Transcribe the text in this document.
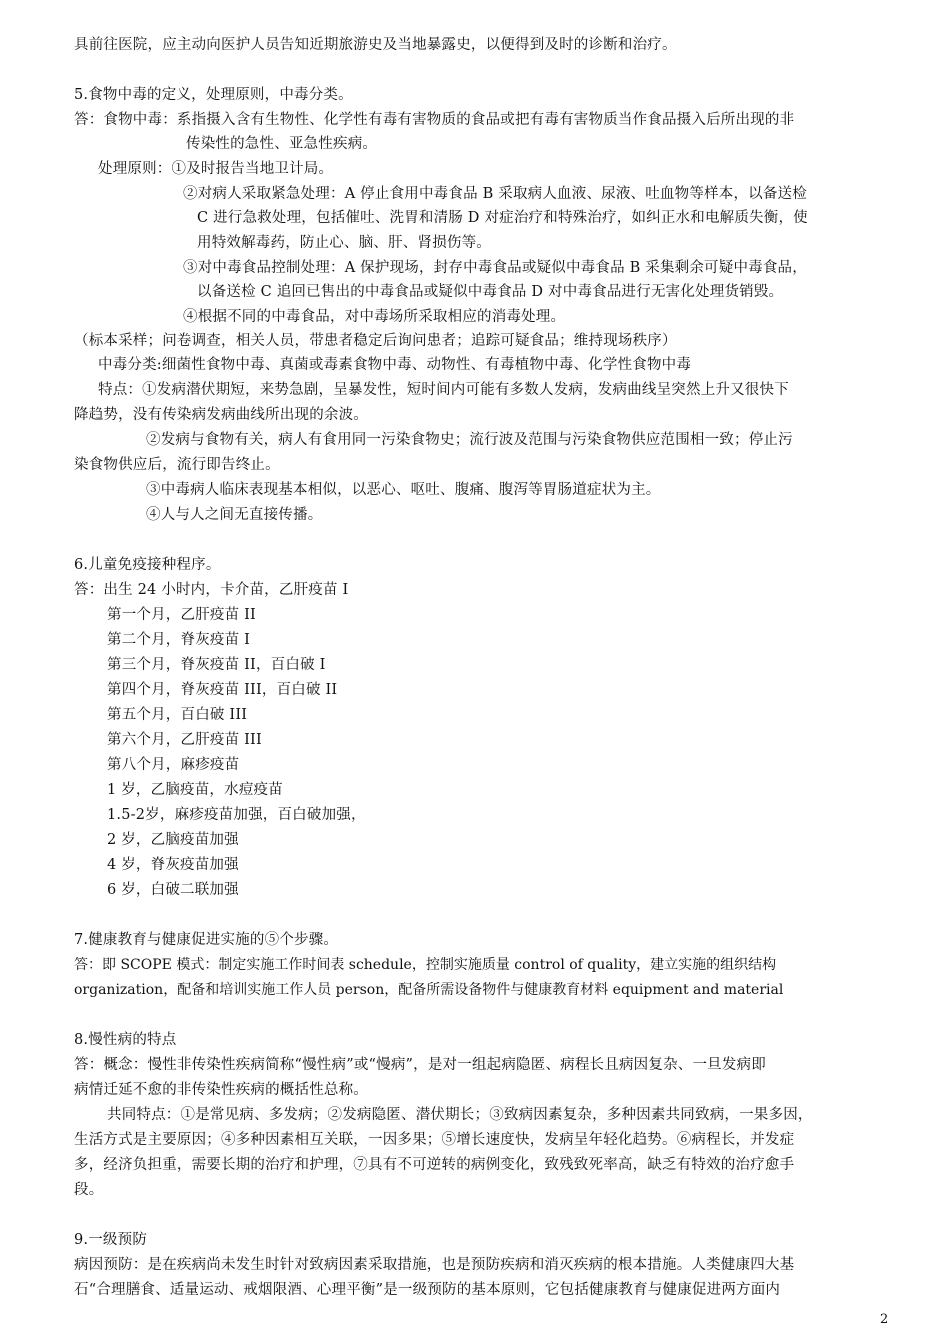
具前往医院，应主动向医护人员告知近期旅游史及当地暴露史，以便得到及时的诊断和治疗。
5.食物中毒的定义，处理原则，中毒分类。
答：食物中毒：系指摄入含有生物性、化学性有毒有害物质的食品或把有毒有害物质当作食品摄入后所出现的非
传染性的急性、亚急性疾病。
处理原则：①及时报告当地卫计局。
②对病人采取紧急处理：A 停止食用中毒食品 B 采取病人血液、尿液、吐血物等样本，以备送检
C 进行急救处理，包括催吐、洗胃和清肠 D 对症治疗和特殊治疗，如纠正水和电解质失衡，使
用特效解毒药，防止心、脑、肝、肾损伤等。
③对中毒食品控制处理：A 保护现场，封存中毒食品或疑似中毒食品 B 采集剩余可疑中毒食品，
以备送检 C 追回已售出的中毒食品或疑似中毒食品 D 对中毒食品进行无害化处理货销毁。
④根据不同的中毒食品，对中毒场所采取相应的消毒处理。
（标本采样；问卷调查，相关人员，带患者稳定后询问患者；追踪可疑食品；维持现场秩序）
中毒分类:细菌性食物中毒、真菌或毒素食物中毒、动物性、有毒植物中毒、化学性食物中毒
特点：①发病潜伏期短，来势急剧，呈暴发性，短时间内可能有多数人发病，发病曲线呈突然上升又很快下
降趋势，没有传染病发病曲线所出现的余波。
②发病与食物有关，病人有食用同一污染食物史；流行波及范围与污染食物供应范围相一致；停止污
染食物供应后，流行即告终止。
③中毒病人临床表现基本相似，以恶心、呕吐、腹痛、腹泻等胃肠道症状为主。
④人与人之间无直接传播。
6.儿童免疫接种程序。
答：出生 24 小时内，卡介苗，乙肝疫苗 I
第一个月，乙肝疫苗 II
第二个月，脊灰疫苗 I
第三个月，脊灰疫苗 II，百白破 I
第四个月，脊灰疫苗 III，百白破 II
第五个月，百白破 III
第六个月，乙肝疫苗 III
第八个月，麻疹疫苗
1 岁，乙脑疫苗，水痘疫苗
1.5-2岁，麻疹疫苗加强，百白破加强，
2 岁，乙脑疫苗加强
4 岁，脊灰疫苗加强
6 岁，白破二联加强
7.健康教育与健康促进实施的⑤个步骤。
答：即 SCOPE 模式：制定实施工作时间表 schedule，控制实施质量 control of quality，建立实施的组织结构
organization，配备和培训实施工作人员 person，配备所需设备物件与健康教育材料 equipment and material
8.慢性病的特点
答：概念：慢性非传染性疾病简称“慢性病”或“慢病”，是对一组起病隐匿、病程长且病因复杂、一旦发病即
病情迁延不愈的非传染性疾病的概括性总称。
共同特点：①是常见病、多发病；②发病隐匿、潜伏期长；③致病因素复杂，多种因素共同致病，一果多因，
生活方式是主要原因；④多种因素相互关联，一因多果；⑤增长速度快，发病呈年轻化趋势。⑥病程长，并发症
多，经济负担重，需要长期的治疗和护理，⑦具有不可逆转的病例变化，致残致死率高，缺乏有特效的治疗愈手
段。
9.一级预防
病因预防：是在疾病尚未发生时针对致病因素采取措施，也是预防疾病和消灭疾病的根本措施。人类健康四大基
石“合理膳食、适量运动、戒烟限酒、心理平衡”是一级预防的基本原则，它包括健康教育与健康促进两方面内
2
